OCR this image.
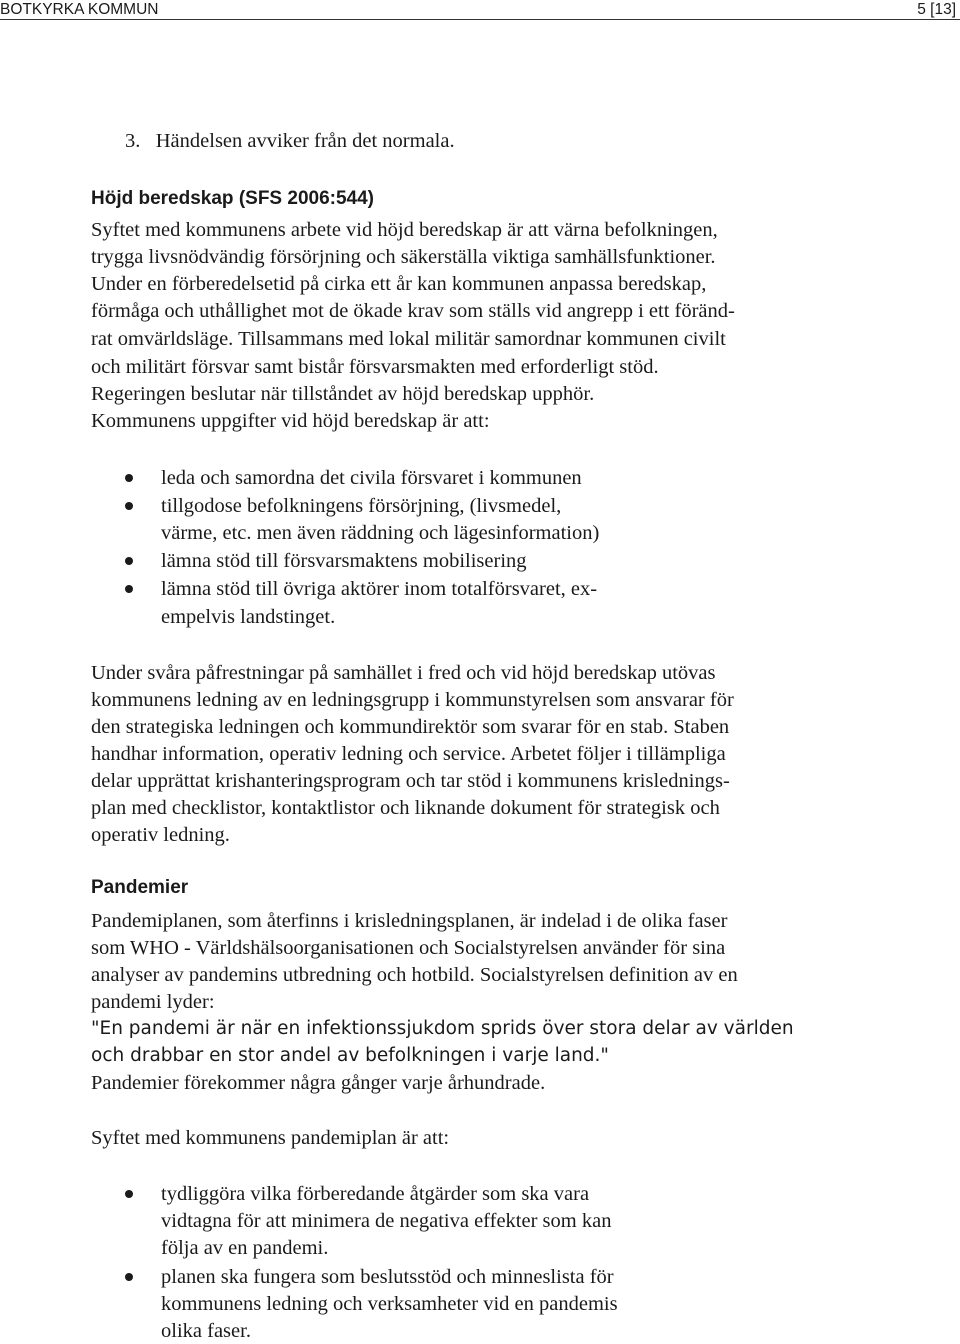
BOTKYRKA KOMMUN	5 [13]
3.   Händelsen avviker från det normala.
Höjd beredskap (SFS 2006:544)
Syftet med kommunens arbete vid höjd beredskap är att värna befolkningen,
trygga livsnödvändig försörjning och säkerställa viktiga samhällsfunktioner.
Under en förberedelsetid på cirka ett år kan kommunen anpassa beredskap,
förmåga och uthållighet mot de ökade krav som ställs vid angrepp i ett föränd-
rat omvärldsläge. Tillsammans med lokal militär samordnar kommunen civilt
och militärt försvar samt bistår försvarsmakten med erforderligt stöd.
Regeringen beslutar när tillståndet av höjd beredskap upphör.
Kommunens uppgifter vid höjd beredskap är att:
leda och samordna det civila försvaret i kommunen
tillgodose befolkningens försörjning, (livsmedel,
värme, etc. men även räddning och lägesinformation)
lämna stöd till försvarsmaktens mobilisering
lämna stöd till övriga aktörer inom totalförsvaret, ex-
empelvis landstinget.
Under svåra påfrestningar på samhället i fred och vid höjd beredskap utövas
kommunens ledning av en ledningsgrupp i kommunstyrelsen som ansvarar för
den strategiska ledningen och kommundirektör som svarar för en stab. Staben
handhar information, operativ ledning och service. Arbetet följer i tillämpliga
delar upprättat krishanteringsprogram och tar stöd i kommunens krislednings-
plan med checklistor, kontaktlistor och liknande dokument för strategisk och
operativ ledning.
Pandemier
Pandemiplanen, som återfinns i krisledningsplanen, är indelad i de olika faser
som WHO - Världshälsoorganisationen och Socialstyrelsen använder för sina
analyser av pandemins utbredning och hotbild. Socialstyrelsen definition av en
pandemi lyder:
"En pandemi är när en infektionssjukdom sprids över stora delar av världen
och drabbar en stor andel av befolkningen i varje land."
Pandemier förekommer några gånger varje århundrade.
Syftet med kommunens pandemiplan är att:
tydliggöra vilka förberedande åtgärder som ska vara
vidtagna för att minimera de negativa effekter som kan
följa av en pandemi.
planen ska fungera som beslutsstöd och minneslista för
kommunens ledning och verksamheter vid en pandemis
olika faser.
